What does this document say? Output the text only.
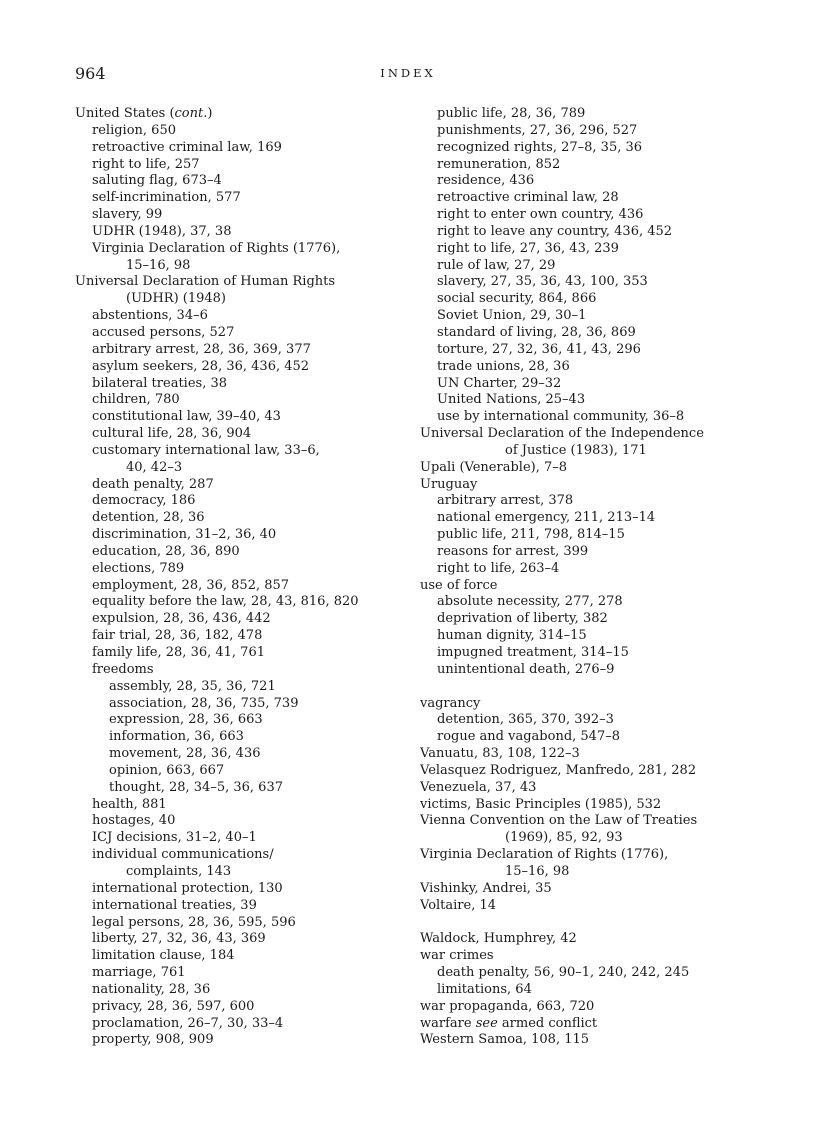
964	INDEX
United States (cont.)
religion, 650
retroactive criminal law, 169
right to life, 257
saluting flag, 673–4
self-incrimination, 577
slavery, 99
UDHR (1948), 37, 38
Virginia Declaration of Rights (1776),
15–16, 98
Universal Declaration of Human Rights
(UDHR) (1948)
abstentions, 34–6
accused persons, 527
arbitrary arrest, 28, 36, 369, 377
asylum seekers, 28, 36, 436, 452
bilateral treaties, 38
children, 780
constitutional law, 39–40, 43
cultural life, 28, 36, 904
customary international law, 33–6,
40, 42–3
death penalty, 287
democracy, 186
detention, 28, 36
discrimination, 31–2, 36, 40
education, 28, 36, 890
elections, 789
employment, 28, 36, 852, 857
equality before the law, 28, 43, 816, 820
expulsion, 28, 36, 436, 442
fair trial, 28, 36, 182, 478
family life, 28, 36, 41, 761
freedoms
assembly, 28, 35, 36, 721
association, 28, 36, 735, 739
expression, 28, 36, 663
information, 36, 663
movement, 28, 36, 436
opinion, 663, 667
thought, 28, 34–5, 36, 637
health, 881
hostages, 40
ICJ decisions, 31–2, 40–1
individual communications/
complaints, 143
international protection, 130
international treaties, 39
legal persons, 28, 36, 595, 596
liberty, 27, 32, 36, 43, 369
limitation clause, 184
marriage, 761
nationality, 28, 36
privacy, 28, 36, 597, 600
proclamation, 26–7, 30, 33–4
property, 908, 909
public life, 28, 36, 789
punishments, 27, 36, 296, 527
recognized rights, 27–8, 35, 36
remuneration, 852
residence, 436
retroactive criminal law, 28
right to enter own country, 436
right to leave any country, 436, 452
right to life, 27, 36, 43, 239
rule of law, 27, 29
slavery, 27, 35, 36, 43, 100, 353
social security, 864, 866
Soviet Union, 29, 30–1
standard of living, 28, 36, 869
torture, 27, 32, 36, 41, 43, 296
trade unions, 28, 36
UN Charter, 29–32
United Nations, 25–43
use by international community, 36–8
Universal Declaration of the Independence
of Justice (1983), 171
Upali (Venerable), 7–8
Uruguay
arbitrary arrest, 378
national emergency, 211, 213–14
public life, 211, 798, 814–15
reasons for arrest, 399
right to life, 263–4
use of force
absolute necessity, 277, 278
deprivation of liberty, 382
human dignity, 314–15
impugned treatment, 314–15
unintentional death, 276–9
vagrancy
detention, 365, 370, 392–3
rogue and vagabond, 547–8
Vanuatu, 83, 108, 122–3
Velasquez Rodriguez, Manfredo, 281, 282
Venezuela, 37, 43
victims, Basic Principles (1985), 532
Vienna Convention on the Law of Treaties
(1969), 85, 92, 93
Virginia Declaration of Rights (1776),
15–16, 98
Vishinky, Andrei, 35
Voltaire, 14
Waldock, Humphrey, 42
war crimes
death penalty, 56, 90–1, 240, 242, 245
limitations, 64
war propaganda, 663, 720
warfare see armed conflict
Western Samoa, 108, 115
